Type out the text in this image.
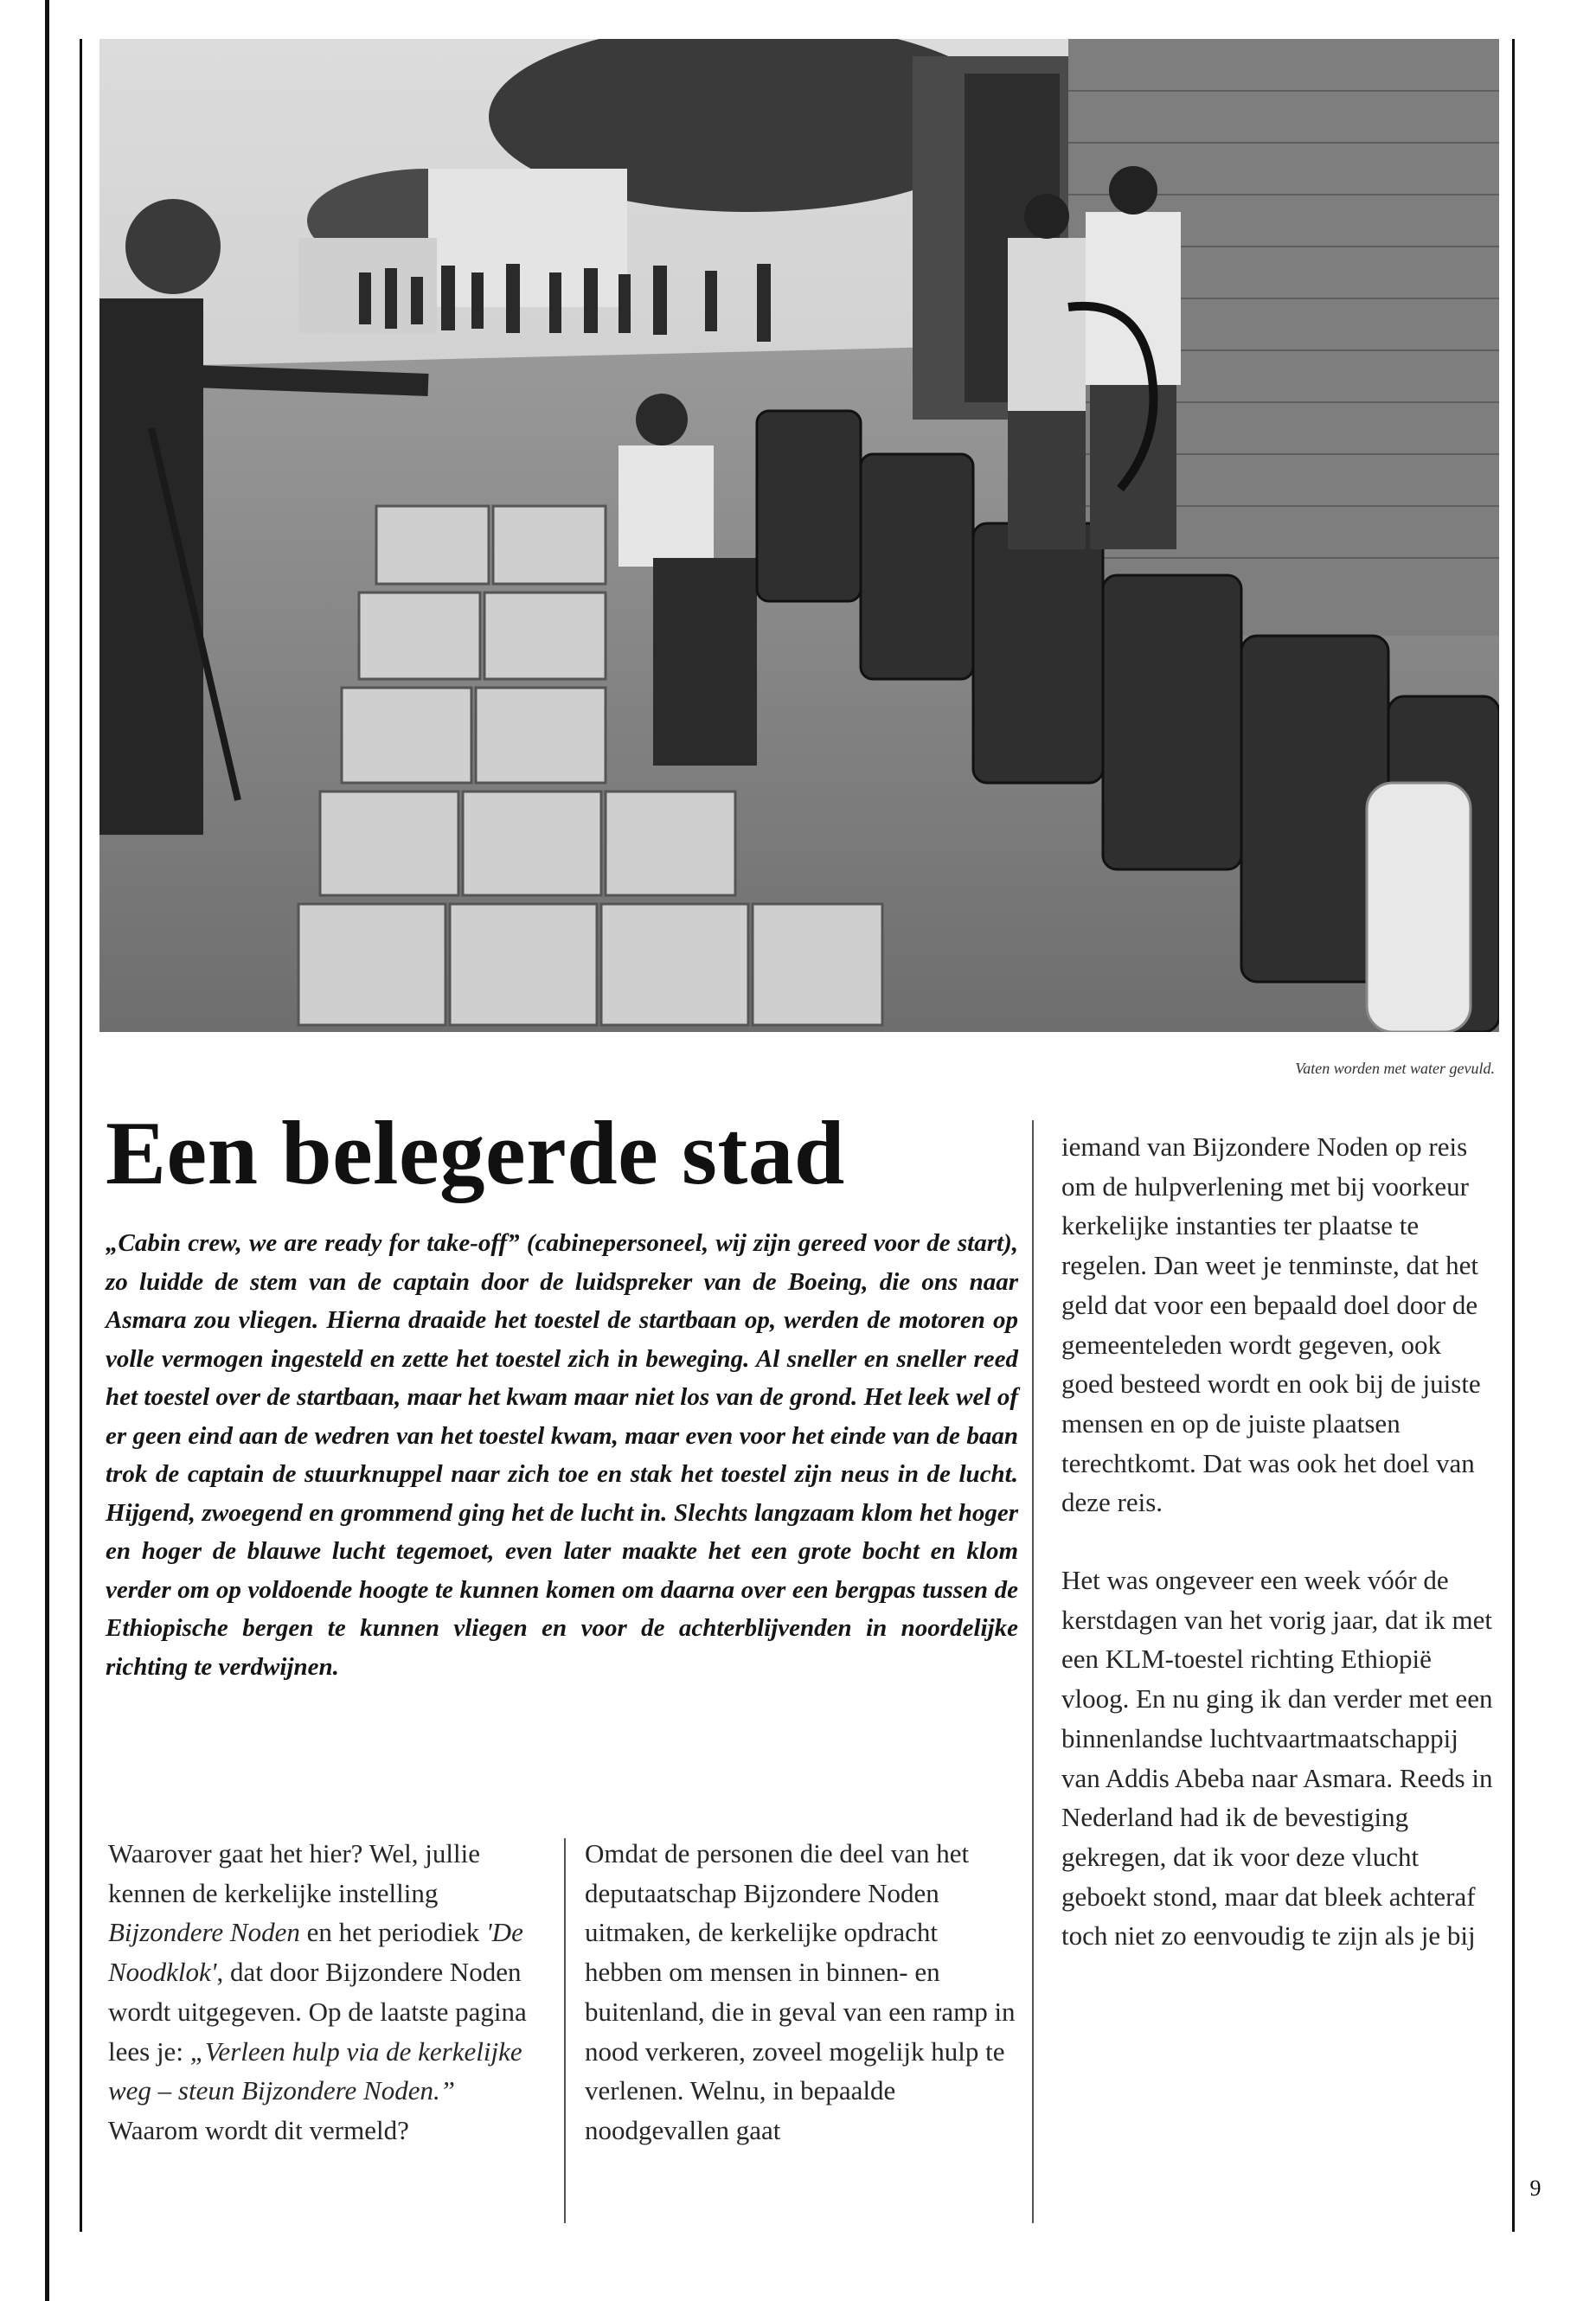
Vaten worden met water gevuld.
Een belegerde stad

„Cabin crew, we are ready for take-off” (cabinepersoneel, wij zijn gereed voor de start), zo luidde de stem van de captain door de luidspreker van de Boeing, die ons naar Asmara zou vliegen. Hierna draaide het toestel de startbaan op, werden de motoren op volle vermogen ingesteld en zette het toestel zich in beweging. Al sneller en sneller reed het toestel over de startbaan, maar het kwam maar niet los van de grond. Het leek wel of er geen eind aan de wedren van het toestel kwam, maar even voor het einde van de baan trok de captain de stuurknuppel naar zich toe en stak het toestel zijn neus in de lucht. Hijgend, zwoegend en grommend ging het de lucht in. Slechts langzaam klom het hoger en hoger de blauwe lucht tegemoet, even later maakte het een grote bocht en klom verder om op voldoende hoogte te kunnen komen om daarna over een bergpas tussen de Ethiopische bergen te kunnen vliegen en voor de achterblijvenden in noordelijke richting te verdwijnen.

Waarover gaat het hier? Wel, jullie kennen de kerkelijke instelling Bijzondere Noden en het periodiek 'De Noodklok', dat door Bijzondere Noden wordt uitgegeven. Op de laatste pagina lees je: „Verleen hulp via de kerkelijke weg – steun Bijzondere Noden.” Waarom wordt dit vermeld?

Omdat de personen die deel van het deputaatschap Bijzondere Noden uitmaken, de kerkelijke opdracht hebben om mensen in binnen- en buitenland, die in geval van een ramp in nood verkeren, zoveel mogelijk hulp te verlenen. Welnu, in bepaalde noodgevallen gaat

iemand van Bijzondere Noden op reis om de hulpverlening met bij voorkeur kerkelijke instanties ter plaatse te regelen. Dan weet je tenminste, dat het geld dat voor een bepaald doel door de gemeenteleden wordt gegeven, ook goed besteed wordt en ook bij de juiste mensen en op de juiste plaatsen terechtkomt. Dat was ook het doel van deze reis.

Het was ongeveer een week vóór de kerstdagen van het vorig jaar, dat ik met een KLM-toestel richting Ethiopië vloog. En nu ging ik dan verder met een binnenlandse luchtvaartmaatschappij van Addis Abeba naar Asmara. Reeds in Nederland had ik de bevestiging gekregen, dat ik voor deze vlucht geboekt stond, maar dat bleek achteraf toch niet zo eenvoudig te zijn als je bij

9
